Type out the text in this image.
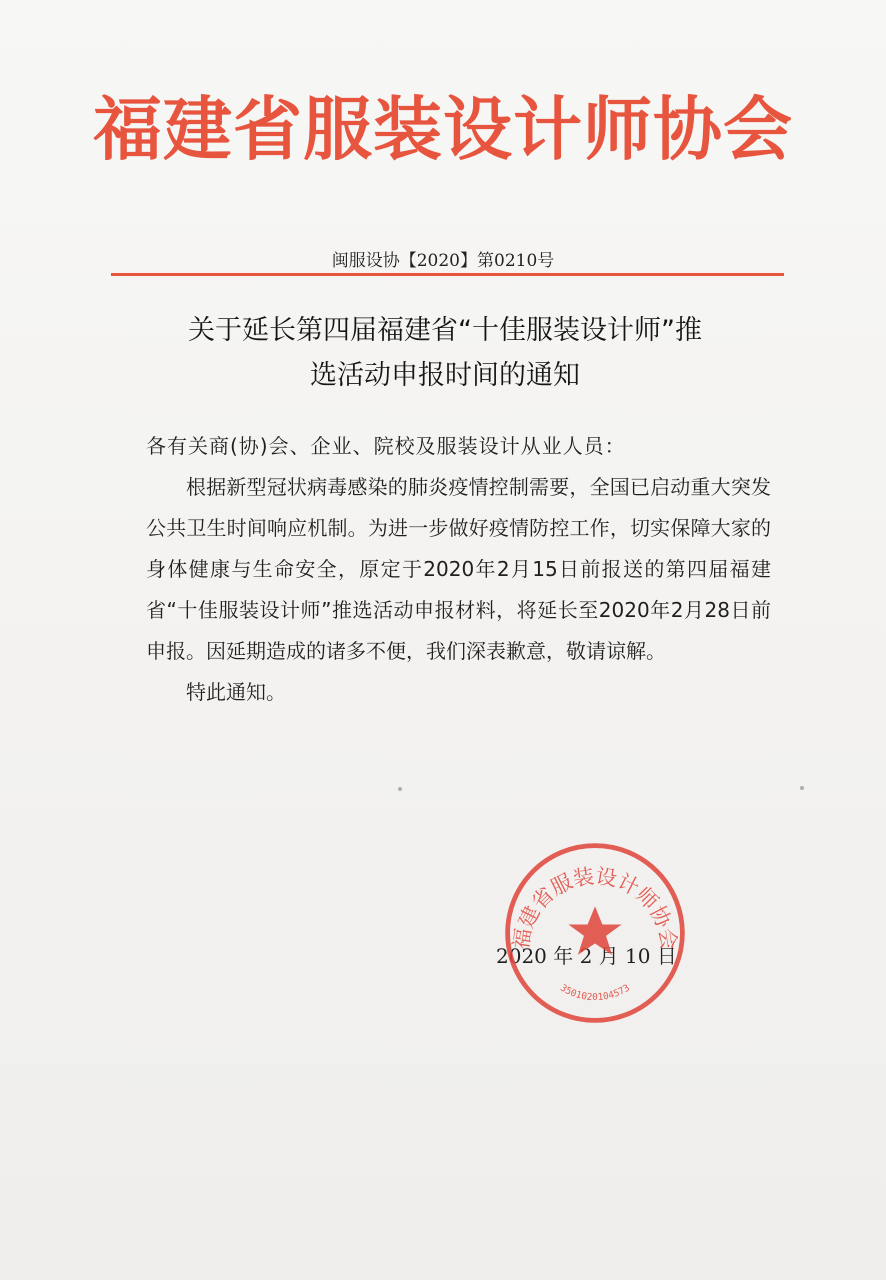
福建省服装设计师协会
闽服设协【2020】第0210号
关于延长第四届福建省“十佳服装设计师”推
选活动申报时间的通知

各有关商(协)会、企业、院校及服装设计从业人员：

根据新型冠状病毒感染的肺炎疫情控制需要，全国已启动重大突发公共卫生时间响应机制。为进一步做好疫情防控工作，切实保障大家的身体健康与生命安全，原定于2020年2月15日前报送的第四届福建省“十佳服装设计师”推选活动申报材料，将延长至2020年2月28日前申报。因延期造成的诸多不便，我们深表歉意，敬请谅解。

特此通知。

2020 年 2 月 10 日
福建省服装设计师协会
3501020104573
